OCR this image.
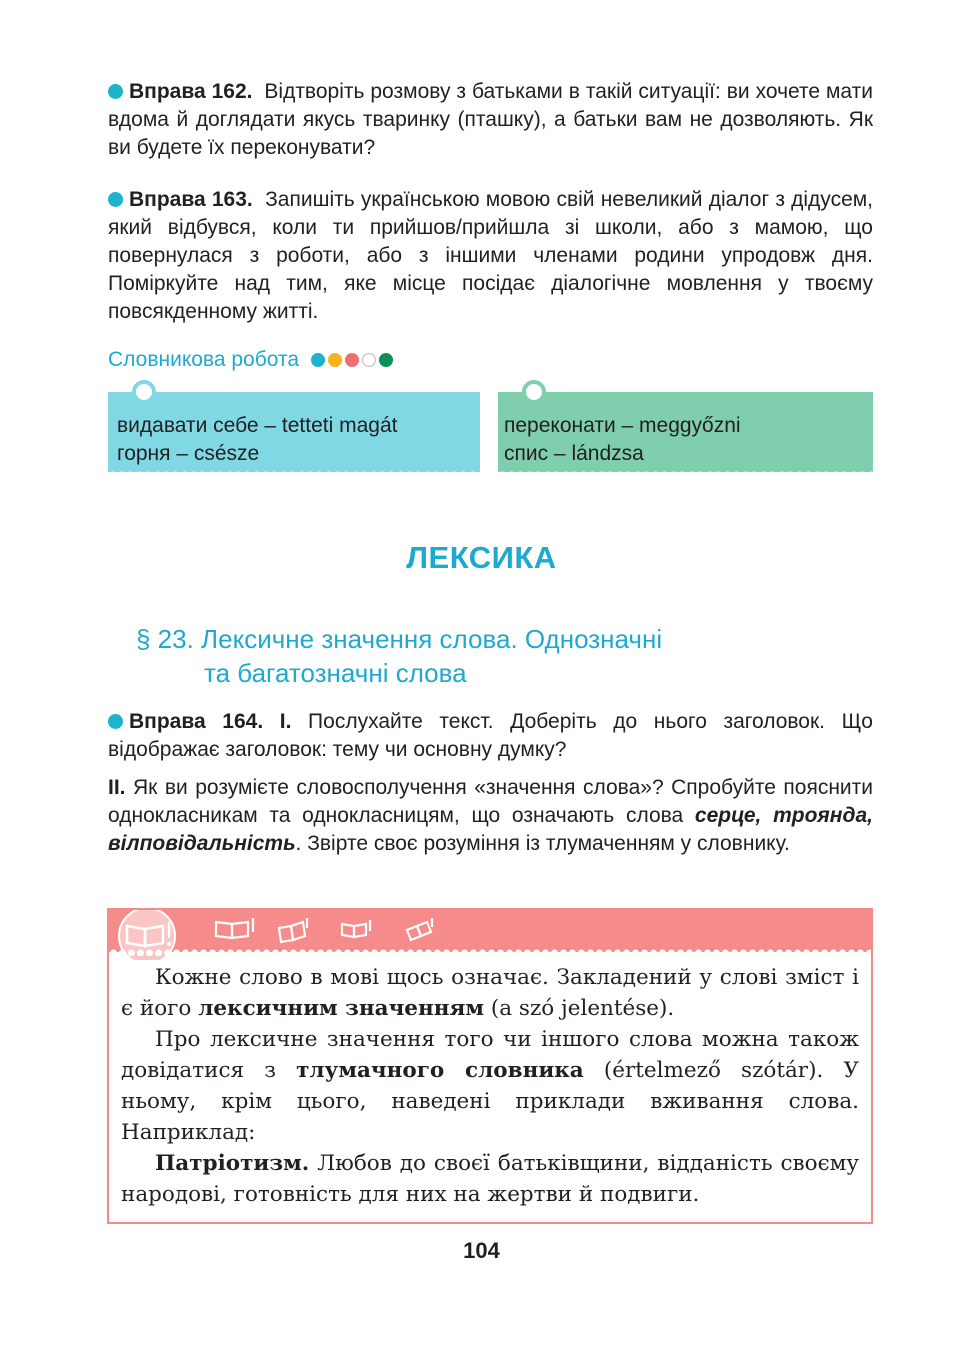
Вправа 162. Відтворіть розмову з батьками в такій ситуації: ви хочете мати вдома й доглядати якусь тваринку (пташку), а батьки вам не дозволяють. Як ви будете їх переконувати?

Вправа 163. Запишіть українською мовою свій невеликий діалог з дідусем, який відбувся, коли ти прийшов/прийшла зі школи, або з мамою, що повернулася з роботи, або з іншими членами родини упродовж дня. Поміркуйте над тим, яке місце посідає діалогічне мовлення у твоєму повсякденному житті.

Словникова робота
видавати себе – tetteti magát
горня – csésze
переконати – meggyőzni
спис – lándzsa
ЛЕКСИКА
§ 23. Лексичне значення слова. Однозначні
та багатозначні слова

Вправа 164. I. Послухайте текст. Доберіть до нього заголовок. Що відображає заголовок: тему чи основну думку?

II. Як ви розумієте словосполучення «значення слова»? Спробуйте пояснити однокласникам та однокласницям, що означають слова серце, троянда, вілповідальність. Звірте своє розуміння із тлумаченням у словнику.

Кожне слово в мові щось означає. Закладений у слові зміст і є його лексичним значенням (a szó jelentése).

Про лексичне значення того чи іншого слова можна також довідатися з тлумачного словника (értelmező szótár). У ньому, крім цього, наведені приклади вживання слова. Наприклад:

Патріотизм. Любов до своєї батьківщини, відданість своєму народові, готовність для них на жертви й подвиги.

104
